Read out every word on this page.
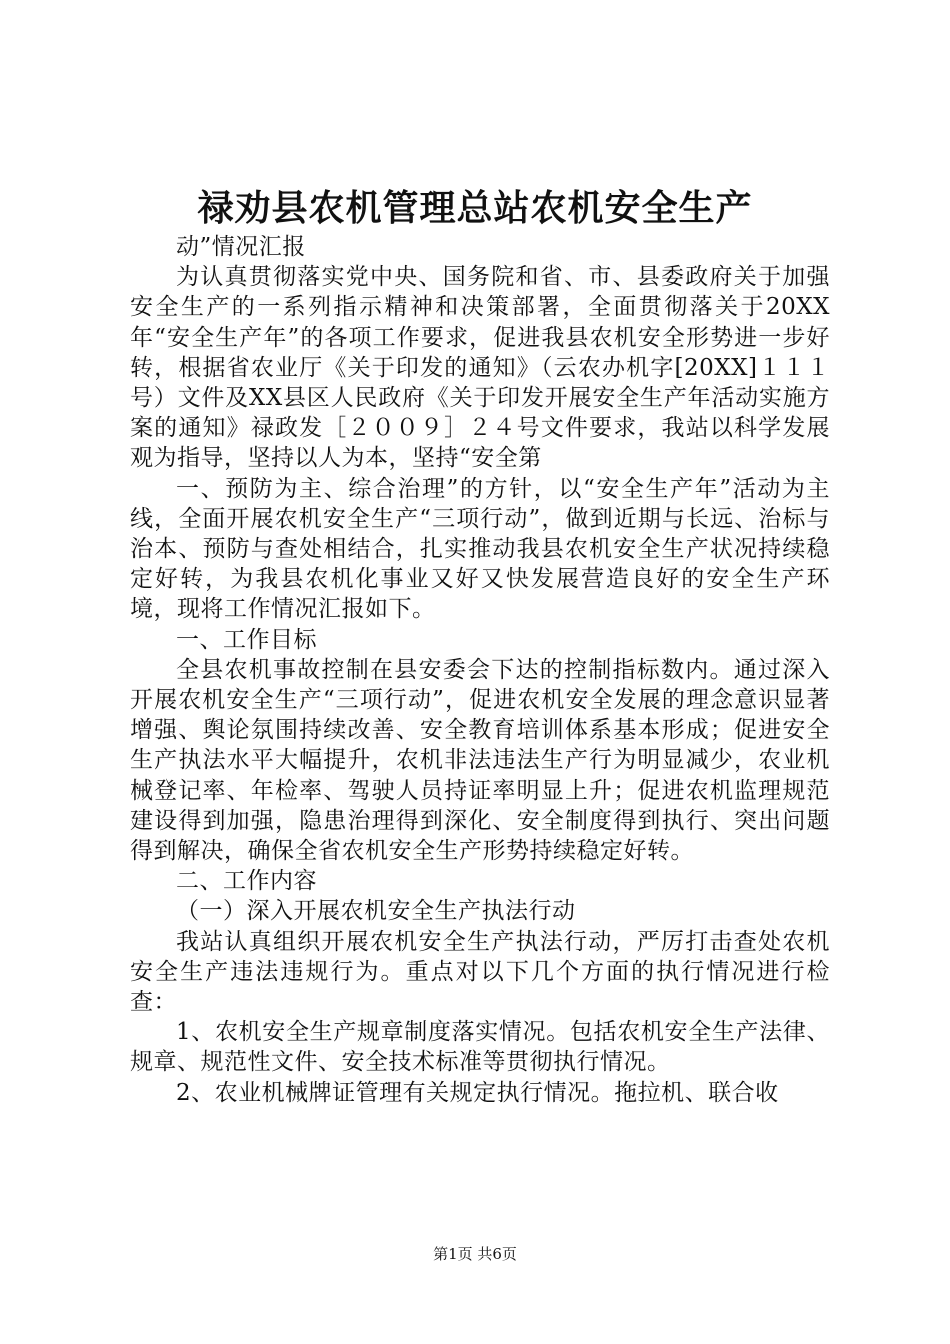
禄劝县农机管理总站农机安全生产

动”情况汇报

为认真贯彻落实党中央、国务院和省、市、县委政府关于加强安全生产的一系列指示精神和决策部署，全面贯彻落关于20XX年“安全生产年”的各项工作要求，促进我县农机安全形势进一步好转，根据省农业厅《关于印发的通知》（云农办机字[20XX]１１１号）文件及XX县区人民政府《关于印发开展安全生产年活动实施方案的通知》禄政发［２００９］２４号文件要求，我站以科学发展观为指导，坚持以人为本，坚持“安全第

一、预防为主、综合治理”的方针，以“安全生产年”活动为主线，全面开展农机安全生产“三项行动”，做到近期与长远、治标与治本、预防与查处相结合，扎实推动我县农机安全生产状况持续稳定好转，为我县农机化事业又好又快发展营造良好的安全生产环境，现将工作情况汇报如下。

一、工作目标

全县农机事故控制在县安委会下达的控制指标数内。通过深入开展农机安全生产“三项行动”，促进农机安全发展的理念意识显著增强、舆论氛围持续改善、安全教育培训体系基本形成；促进安全生产执法水平大幅提升，农机非法违法生产行为明显减少，农业机械登记率、年检率、驾驶人员持证率明显上升；促进农机监理规范建设得到加强，隐患治理得到深化、安全制度得到执行、突出问题得到解决，确保全省农机安全生产形势持续稳定好转。

二、工作内容

（一）深入开展农机安全生产执法行动

我站认真组织开展农机安全生产执法行动，严厉打击查处农机安全生产违法违规行为。重点对以下几个方面的执行情况进行检查：

1、农机安全生产规章制度落实情况。包括农机安全生产法律、规章、规范性文件、安全技术标准等贯彻执行情况。

2、农业机械牌证管理有关规定执行情况。拖拉机、联合收

第1页 共6页
